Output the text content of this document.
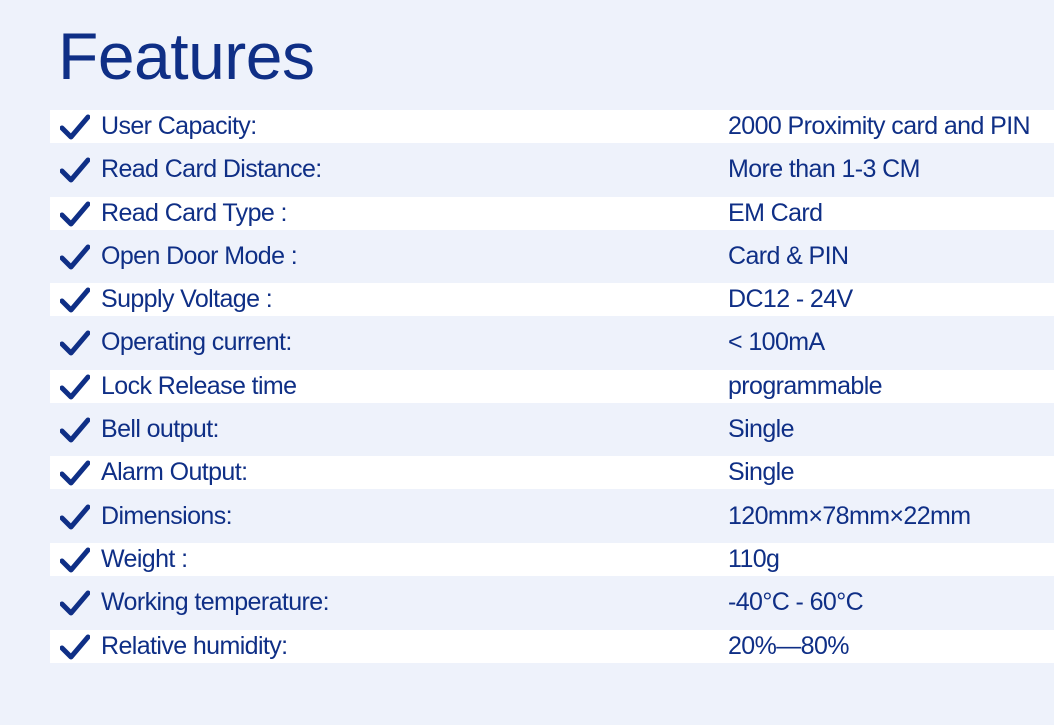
Features
User Capacity:	2000 Proximity card and PIN
Read Card Distance:	More than 1-3 CM
Read Card Type :	EM Card
Open Door Mode :	Card & PIN
Supply Voltage :	DC12 - 24V
Operating current:	< 100mA
Lock Release time	programmable
Bell output:	Single
Alarm Output:	Single
Dimensions:	120mm×78mm×22mm
Weight :	110g
Working temperature:	-40°C - 60°C
Relative humidity:	20%—80%
